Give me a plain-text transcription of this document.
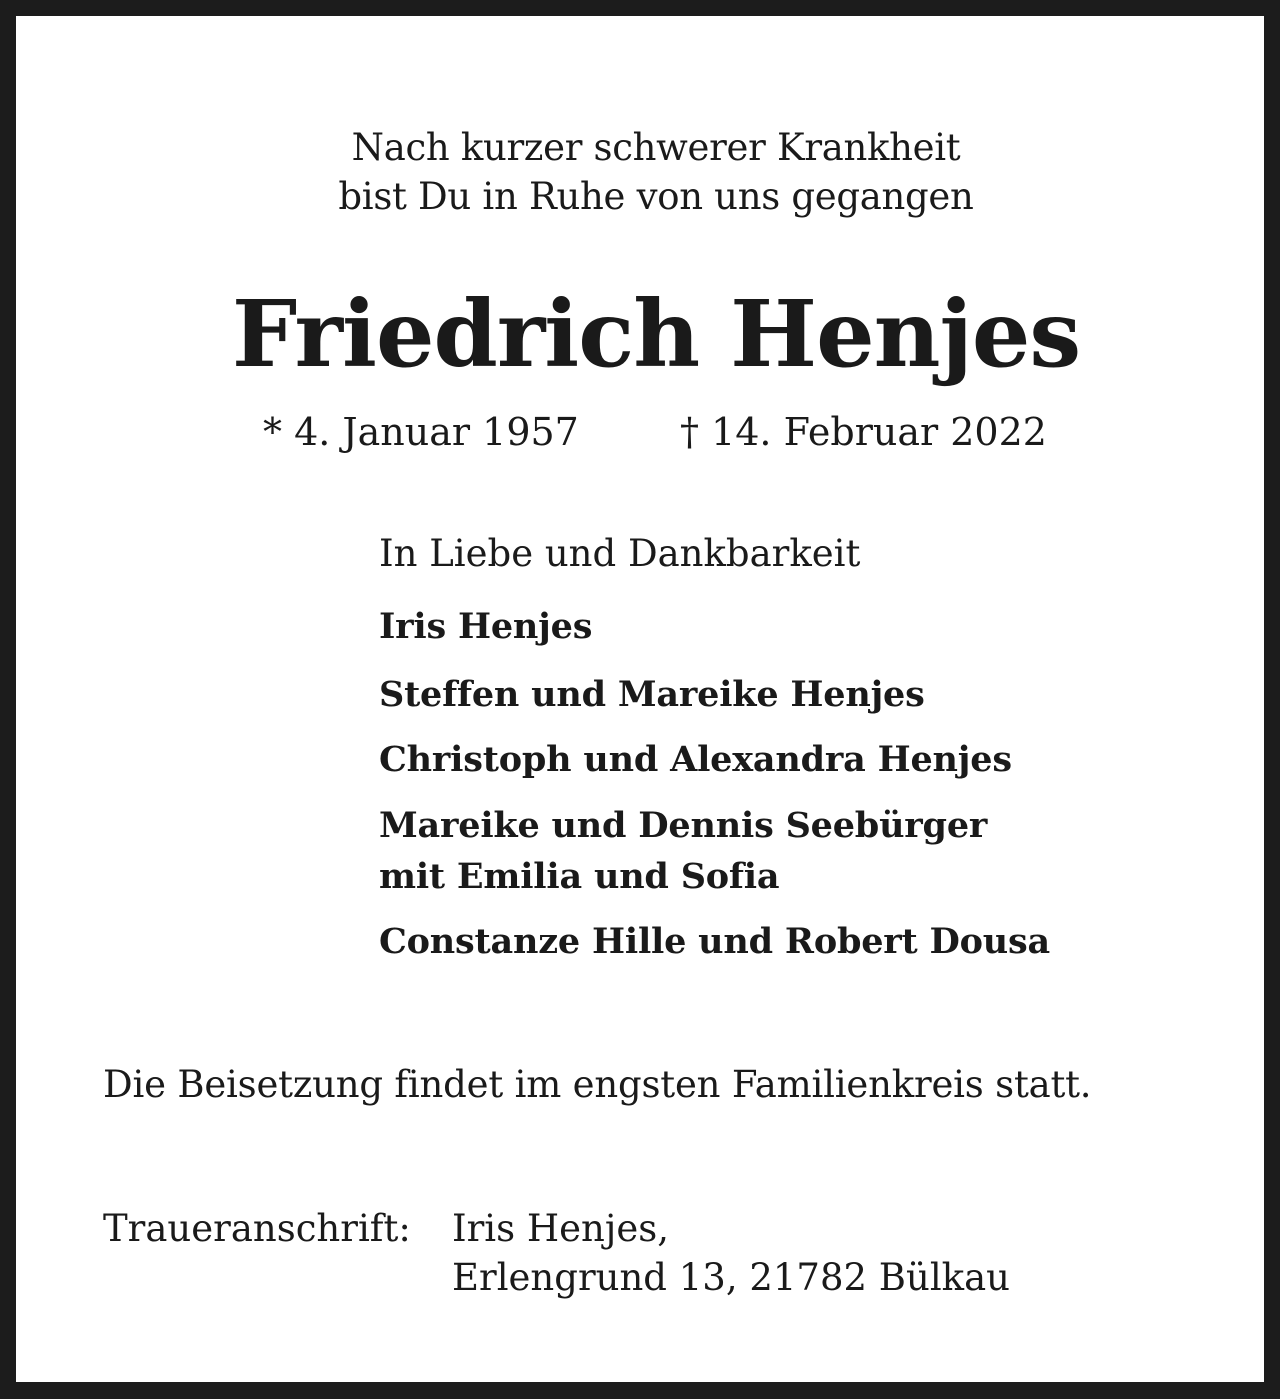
Nach kurzer schwerer Krankheit
bist Du in Ruhe von uns gegangen
Friedrich Henjes
* 4. Januar 1957	† 14. Februar 2022
In Liebe und Dankbarkeit
Iris Henjes
Steffen und Mareike Henjes
Christoph und Alexandra Henjes
Mareike und Dennis Seebürger
mit Emilia und Sofia
Constanze Hille und Robert Dousa
Die Beisetzung findet im engsten Familienkreis statt.
Traueranschrift: Iris Henjes,
Erlengrund 13, 21782 Bülkau
